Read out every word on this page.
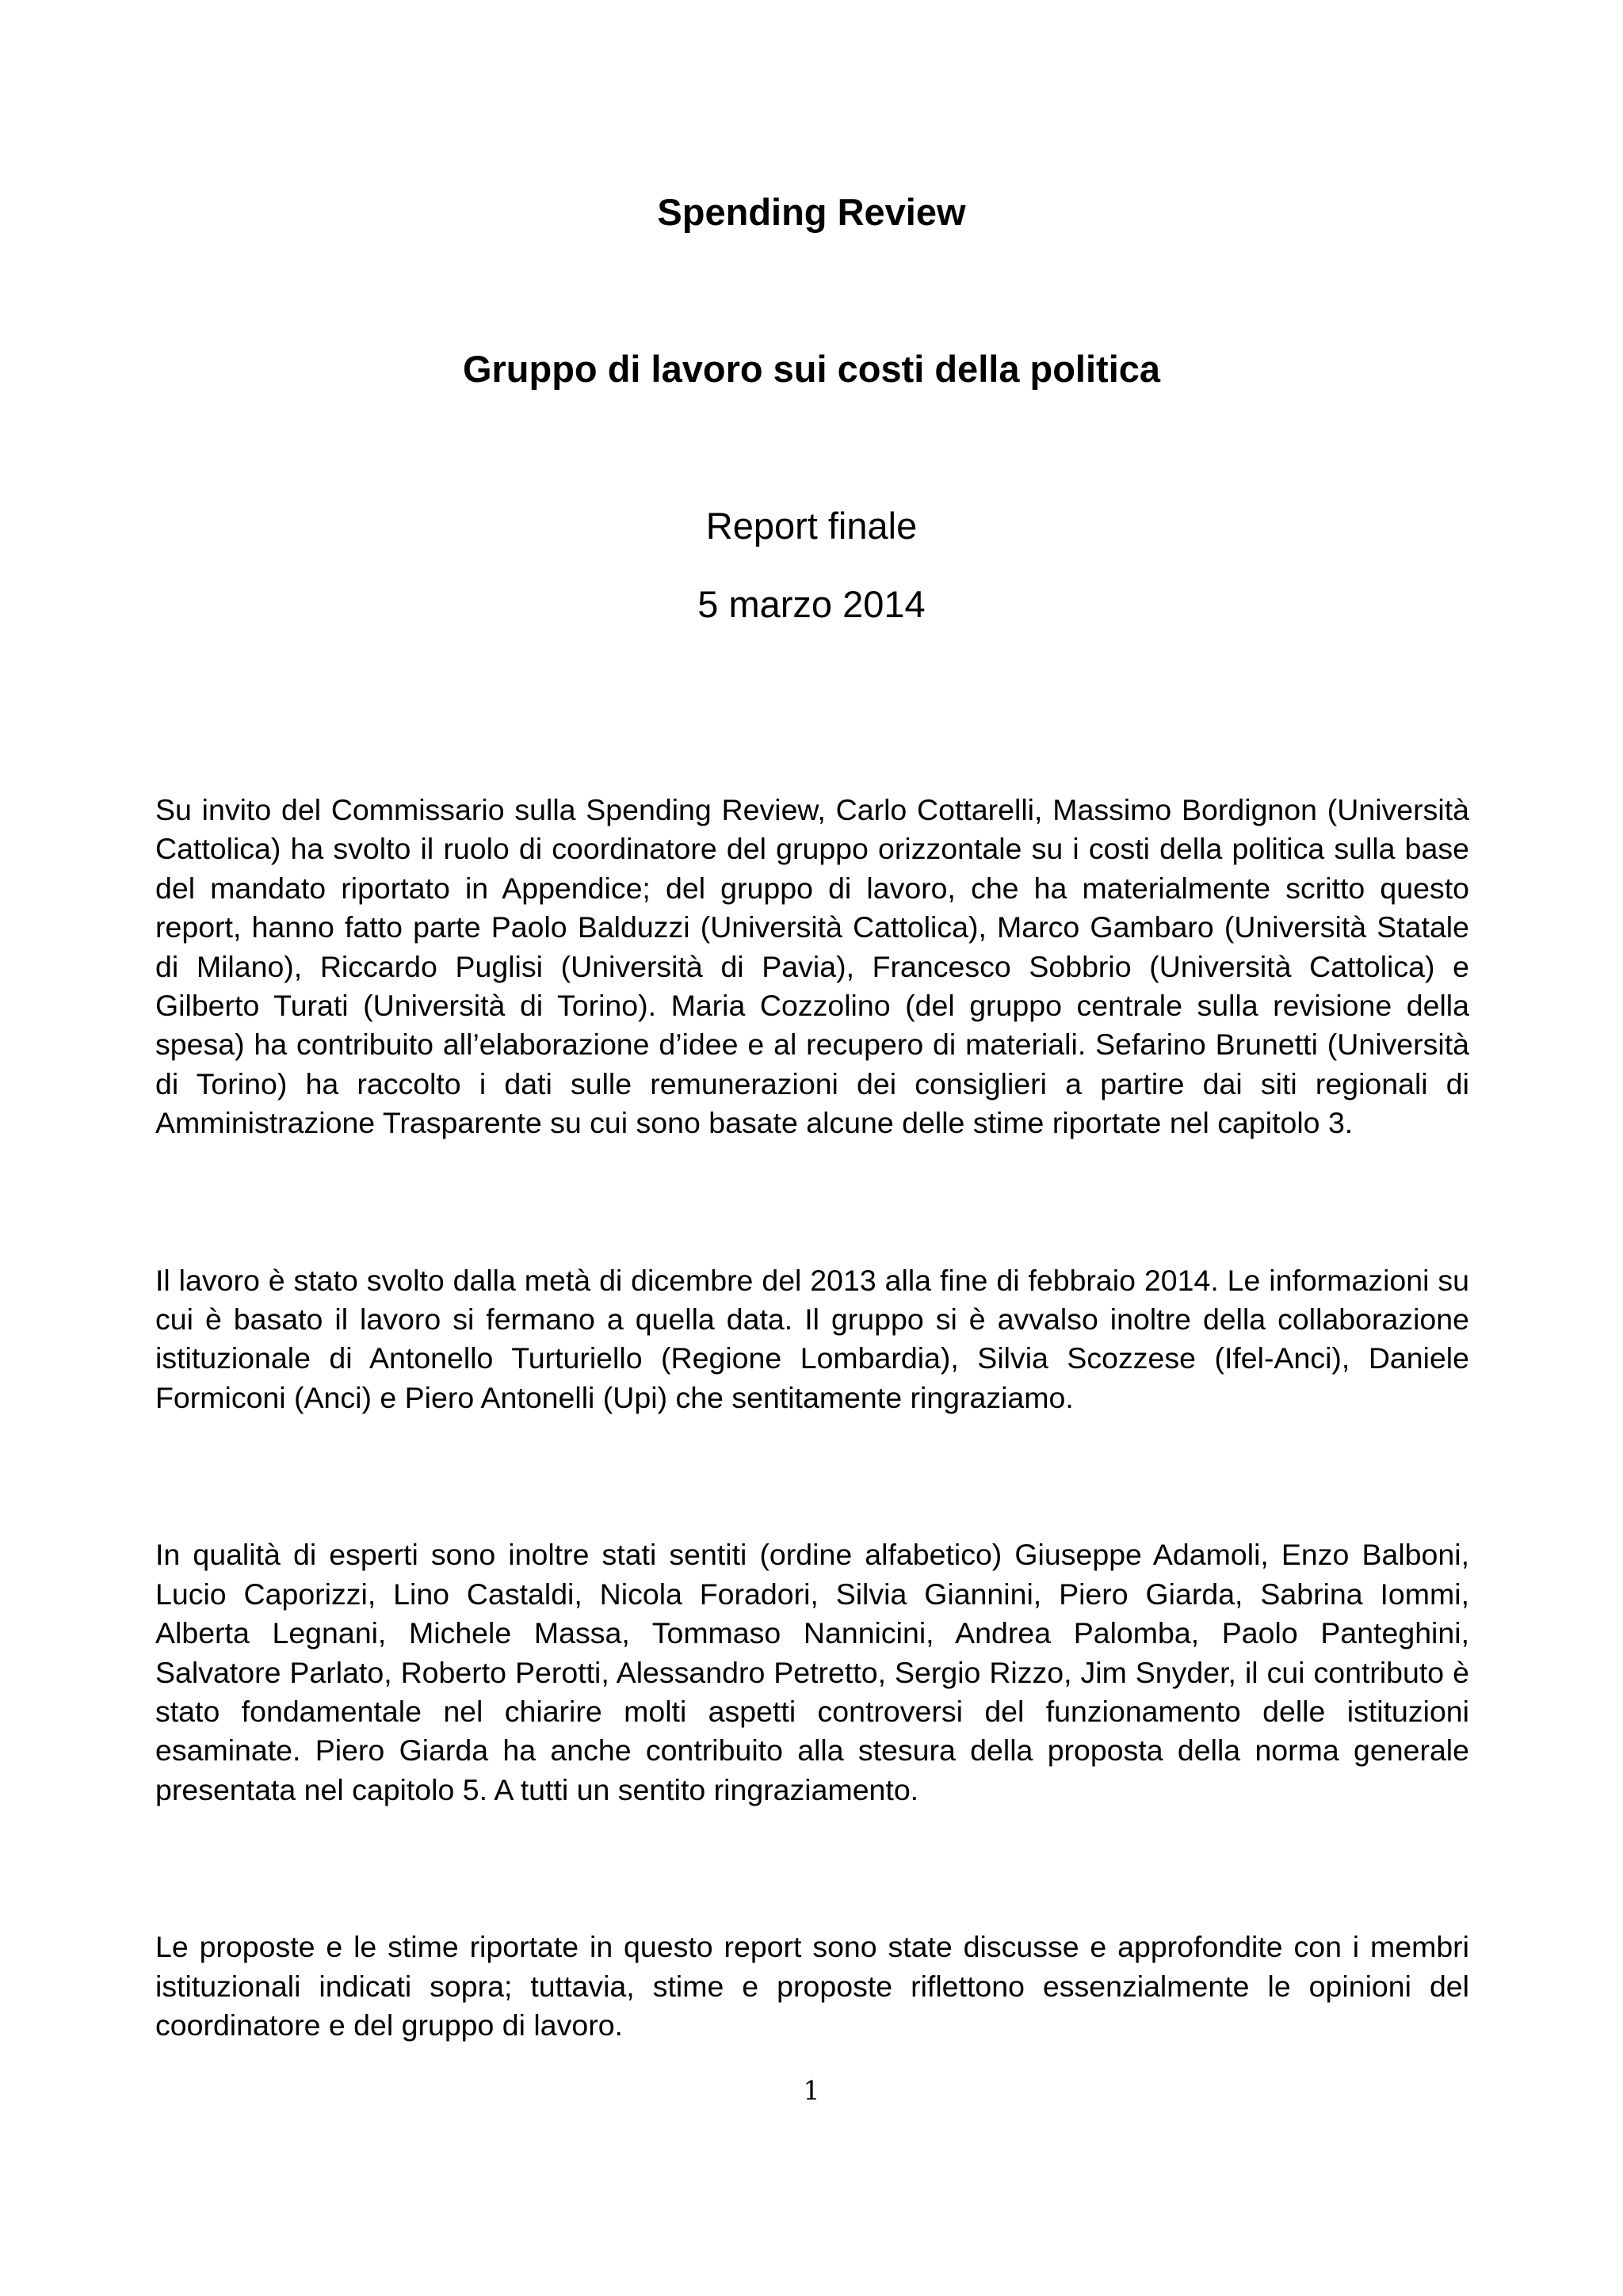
Spending Review
Gruppo di lavoro sui costi della politica
Report finale
5 marzo 2014

Su invito del Commissario sulla Spending Review, Carlo Cottarelli, Massimo Bordignon (Università Cattolica) ha svolto il ruolo di coordinatore del gruppo orizzontale su i costi della politica sulla base del mandato riportato in Appendice; del gruppo di lavoro, che ha materialmente scritto questo report, hanno fatto parte Paolo Balduzzi (Università Cattolica), Marco Gambaro (Università Statale di Milano), Riccardo Puglisi (Università di Pavia), Francesco Sobbrio (Università Cattolica) e Gilberto Turati (Università di Torino). Maria Cozzolino (del gruppo centrale sulla revisione della spesa) ha contribuito all’elaborazione d’idee e al recupero di materiali. Sefarino Brunetti (Università di Torino) ha raccolto i dati sulle remunerazioni dei consiglieri a partire dai siti regionali di Amministrazione Trasparente su cui sono basate alcune delle stime riportate nel capitolo 3.

Il lavoro è stato svolto dalla metà di dicembre del 2013 alla fine di febbraio 2014. Le informazioni su cui è basato il lavoro si fermano a quella data. Il gruppo si è avvalso inoltre della collaborazione istituzionale di Antonello Turturiello (Regione Lombardia), Silvia Scozzese (Ifel-Anci), Daniele Formiconi (Anci) e Piero Antonelli (Upi) che sentitamente ringraziamo.

In qualità di esperti sono inoltre stati sentiti (ordine alfabetico) Giuseppe Adamoli, Enzo Balboni, Lucio Caporizzi, Lino Castaldi, Nicola Foradori, Silvia Giannini, Piero Giarda, Sabrina Iommi, Alberta Legnani, Michele Massa, Tommaso Nannicini, Andrea Palomba, Paolo Panteghini, Salvatore Parlato, Roberto Perotti, Alessandro Petretto, Sergio Rizzo, Jim Snyder, il cui contributo è stato fondamentale nel chiarire molti aspetti controversi del funzionamento delle istituzioni esaminate. Piero Giarda ha anche contribuito alla stesura della proposta della norma generale presentata nel capitolo 5. A tutti un sentito ringraziamento.

Le proposte e le stime riportate in questo report sono state discusse e approfondite con i membri istituzionali indicati sopra; tuttavia, stime e proposte riflettono essenzialmente le opinioni del coordinatore e del gruppo di lavoro.

1
